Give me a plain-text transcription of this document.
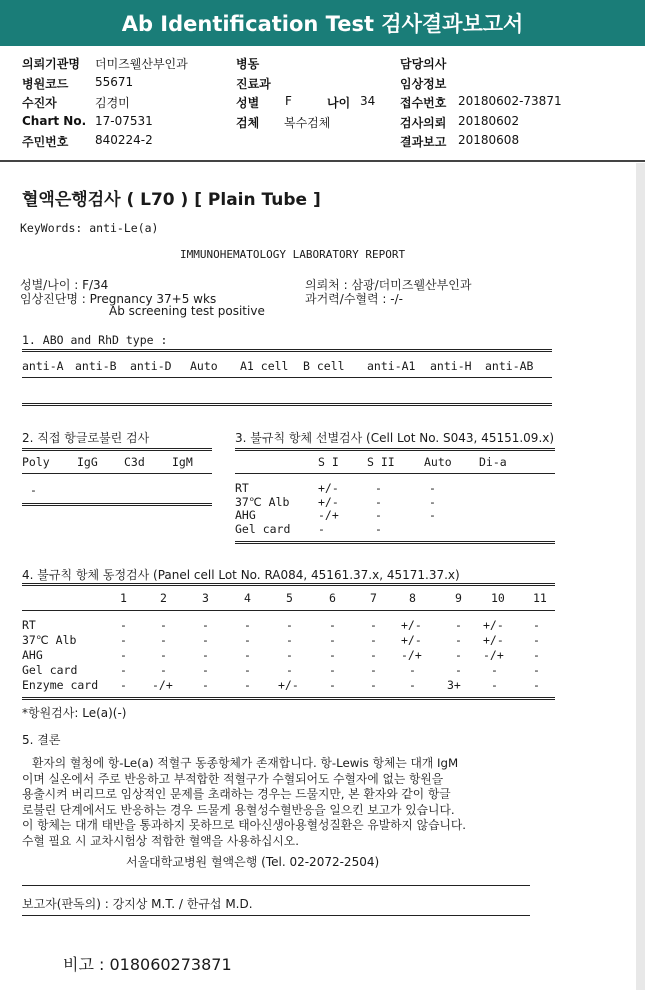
Ab Identification Test 검사결과보고서
의뢰기관명 더미즈웰산부인과	병동	담당의사
병원코드 55671	진료과	임상정보
수진자	김경미	성별 F	나이 34 접수번호 20180602-73871
Chart No. 17-07531	검체 복수검체	검사의뢰 20180602
주민번호 840224-2	결과보고 20180608
혈액은행검사 ( L70 ) [ Plain Tube ]
KeyWords: anti-Le(a)
IMMUNOHEMATOLOGY LABORATORY REPORT
성별/나이 : F/34
임상진단명 : Pregnancy 37+5 wks
Ab screening test positive
의뢰처 : 삼광/더미즈웰산부인과
과거력/수혈력 : -/-
1. ABO and RhD type :
anti-A anti-B anti-D Auto A1 cell B cell anti-A1 anti-H anti-AB
2. 직접 항글로불린 검사
Poly IgG C3d IgM
-
3. 불규칙 항체 선별검사 (Cell Lot No. S043, 45151.09.x)
S I S II	Auto Di-a
RT	+/-	-	-
37℃ Alb +/-	-	-
AHG	-/+	-	-
Gel card -	-
4. 불규칙 항체 동정검사 (Panel cell Lot No. RA084, 45161.37.x, 45171.37.x)
1	2	3	4	5	6	7	8	9	10 11
RT	-	-	-	-	-	-	- +/-	- +/-	-
37℃ Alb	-	-	-	-	-	-	- +/-	- +/-	-
AHG	-	-	-	-	-	-	- -/+	- -/+	-
Gel card	-	-	-	-	-	-	-	-	-	-	-
Enzyme card - -/+	-	- +/-	-	-	-	3+	-	-
*항원검사: Le(a)(-)
5. 결론
환자의 혈청에 항-Le(a) 적혈구 동종항체가 존재합니다. 항-Lewis 항체는 대개 IgM
이며 실온에서 주로 반응하고 부적합한 적혈구가 수혈되어도 수혈자에 없는 항원을
용출시켜 버리므로 임상적인 문제를 초래하는 경우는 드물지만, 본 환자와 같이 항글
로불린 단계에서도 반응하는 경우 드물게 용혈성수혈반응을 일으킨 보고가 있습니다.
이 항체는 대개 태반을 통과하지 못하므로 태아신생아용혈성질환은 유발하지 않습니다.
수혈 필요 시 교차시험상 적합한 혈액을 사용하십시오.
서울대학교병원 혈액은행 (Tel. 02-2072-2504)
보고자(판독의) : 강지상 M.T. / 한규섭 M.D.
비고 : 018060273871
